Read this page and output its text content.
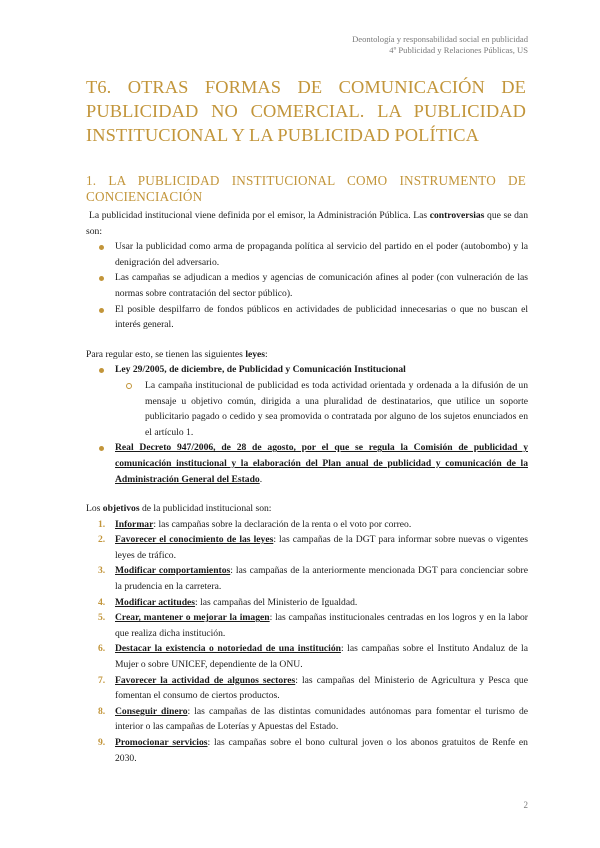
Deontología y responsabilidad social en publicidad
4º Publicidad y Relaciones Públicas, US
T6. OTRAS FORMAS DE COMUNICACIÓN DE PUBLICIDAD NO COMERCIAL. LA PUBLICIDAD INSTITUCIONAL Y LA PUBLICIDAD POLÍTICA
1. LA PUBLICIDAD INSTITUCIONAL COMO INSTRUMENTO DE CONCIENCIACIÓN

La publicidad institucional viene definida por el emisor, la Administración Pública. Las controversias que se dan son:

Usar la publicidad como arma de propaganda política al servicio del partido en el poder (autobombo) y la denigración del adversario.
Las campañas se adjudican a medios y agencias de comunicación afines al poder (con vulneración de las normas sobre contratación del sector público).
El posible despilfarro de fondos públicos en actividades de publicidad innecesarias o que no buscan el interés general.

Para regular esto, se tienen las siguientes leyes:

Ley 29/2005, de diciembre, de Publicidad y Comunicación Institucional
La campaña institucional de publicidad es toda actividad orientada y ordenada a la difusión de un mensaje u objetivo común, dirigida a una pluralidad de destinatarios, que utilice un soporte publicitario pagado o cedido y sea promovida o contratada por alguno de los sujetos enunciados en el artículo 1.
Real Decreto 947/2006, de 28 de agosto, por el que se regula la Comisión de publicidad y comunicación institucional y la elaboración del Plan anual de publicidad y comunicación de la Administración General del Estado.

Los objetivos de la publicidad institucional son:

1. Informar: las campañas sobre la declaración de la renta o el voto por correo.
2. Favorecer el conocimiento de las leyes: las campañas de la DGT para informar sobre nuevas o vigentes leyes de tráfico.
3. Modificar comportamientos: las campañas de la anteriormente mencionada DGT para concienciar sobre la prudencia en la carretera.
4. Modificar actitudes: las campañas del Ministerio de Igualdad.
5. Crear, mantener o mejorar la imagen: las campañas institucionales centradas en los logros y en la labor que realiza dicha institución.
6. Destacar la existencia o notoriedad de una institución: las campañas sobre el Instituto Andaluz de la Mujer o sobre UNICEF, dependiente de la ONU.
7. Favorecer la actividad de algunos sectores: las campañas del Ministerio de Agricultura y Pesca que fomentan el consumo de ciertos productos.
8. Conseguir dinero: las campañas de las distintas comunidades autónomas para fomentar el turismo de interior o las campañas de Loterías y Apuestas del Estado.
9. Promocionar servicios: las campañas sobre el bono cultural joven o los abonos gratuitos de Renfe en 2030.
2
